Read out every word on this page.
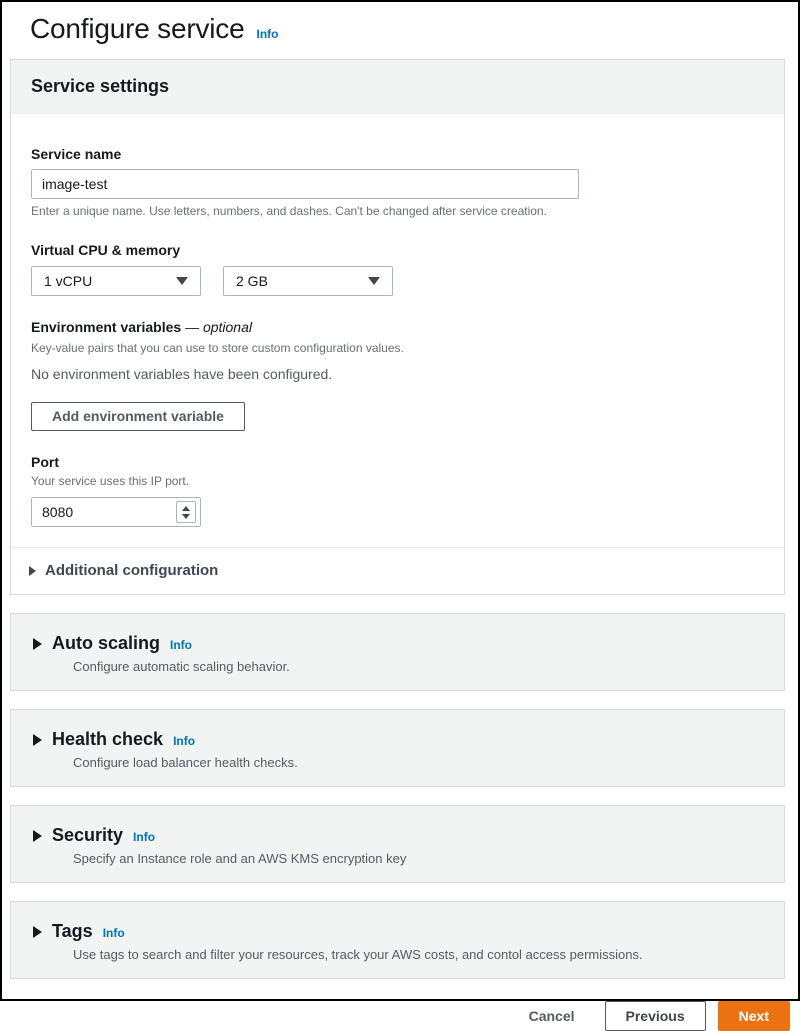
Configure service Info
Service settings
Service name
image-test
Enter a unique name. Use letters, numbers, and dashes. Can't be changed after service creation.
Virtual CPU & memory
1 vCPU	2 GB
Environment variables — optional
Key-value pairs that you can use to store custom configuration values.
No environment variables have been configured.
Add environment variable
Port
Your service uses this IP port.
8080
Additional configuration
Auto scaling Info
Configure automatic scaling behavior.
Health check Info
Configure load balancer health checks.
Security Info
Specify an Instance role and an AWS KMS encryption key
Tags Info
Use tags to search and filter your resources, track your AWS costs, and contol access permissions.
Cancel	Previous	Next
